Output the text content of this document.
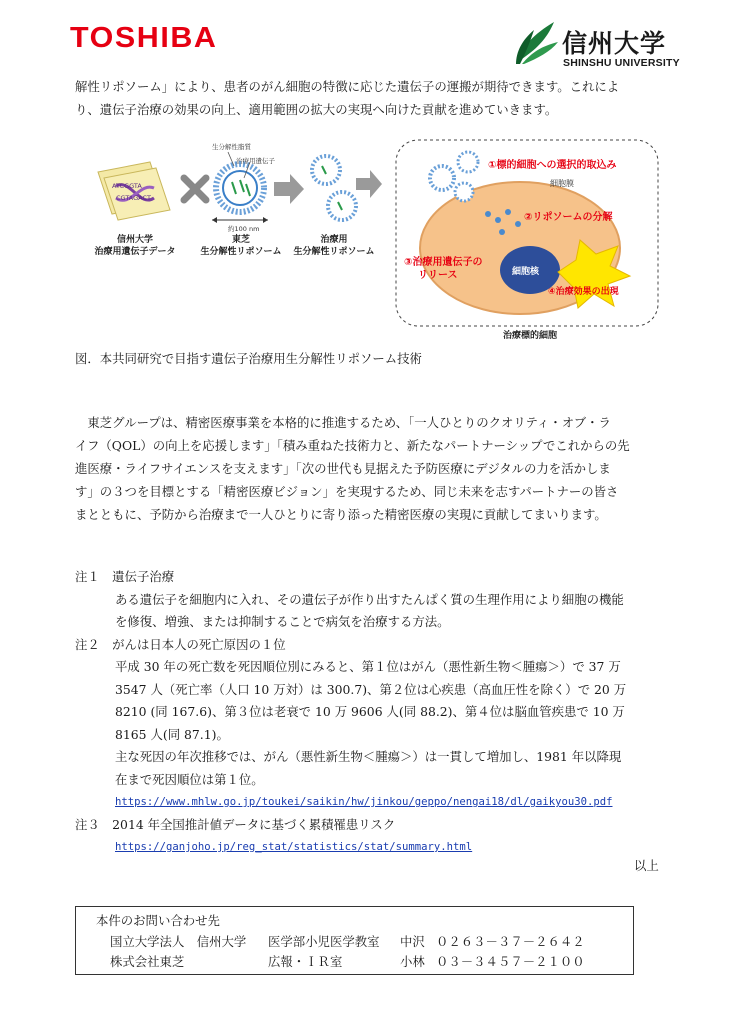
TOSHIBA	信州大学
SHINSHU UNIVERSITY
解性リポソーム」により、患者のがん細胞の特徴に応じた遺伝子の運搬が期待できます。これによ
り、遺伝子治療の効果の向上、適用範囲の拡大の実現へ向けた貢献を進めていきます。
生分解性脂質
治療用遺伝子
約100 nm
ATCGGTA
CGTAGACT
信州大学
治療用遺伝子データ
東芝
生分解性リポソーム
治療用
生分解性リポソーム
①標的細胞への選択的取込み
細胞膜
②リポソームの分解
③治療用遺伝子の
リリース	細胞核
④治療効果の出現
治療標的細胞
図．本共同研究で目指す遺伝子治療用生分解性リポソーム技術
　東芝グループは、精密医療事業を本格的に推進するため、「一人ひとりのクオリティ・オブ・ラ
イフ（QOL）の向上を応援します」「積み重ねた技術力と、新たなパートナーシップでこれからの先
進医療・ライフサイエンスを支えます」「次の世代も見据えた予防医療にデジタルの力を活かしま
す」の３つを目標とする「精密医療ビジョン」を実現するため、同じ未来を志すパートナーの皆さ
まとともに、予防から治療まで一人ひとりに寄り添った精密医療の実現に貢献してまいります。
注１　 遺伝子治療
ある遺伝子を細胞内に入れ、その遺伝子が作り出すたんぱく質の生理作用により細胞の機能
を修復、増強、または抑制することで病気を治療する方法。
注２　 がんは日本人の死亡原因の１位
平成 30 年の死亡数を死因順位別にみると、第１位はがん（悪性新生物＜腫瘍＞）で 37 万
3547 人（死亡率（人口 10 万対）は 300.7)、第２位は心疾患（高血圧性を除く）で 20 万
8210 (同 167.6)、第３位は老衰で 10 万 9606 人(同 88.2)、第４位は脳血管疾患で 10 万
8165 人(同 87.1)。
主な死因の年次推移では、がん（悪性新生物＜腫瘍＞）は一貫して増加し、1981 年以降現
在まで死因順位は第１位。
https://www.mhlw.go.jp/toukei/saikin/hw/jinkou/geppo/nengai18/dl/gaikyou30.pdf
注３　 2014 年全国推計値データに基づく累積罹患リスク
https://ganjoho.jp/reg_stat/statistics/stat/summary.html
以上
本件のお問い合わせ先
国立大学法人　信州大学 医学部小児医学教室 中沢 ０２６３－３７－２６４２
株式会社東芝	広報・ＩＲ室	小林 ０３－３４５７－２１００
